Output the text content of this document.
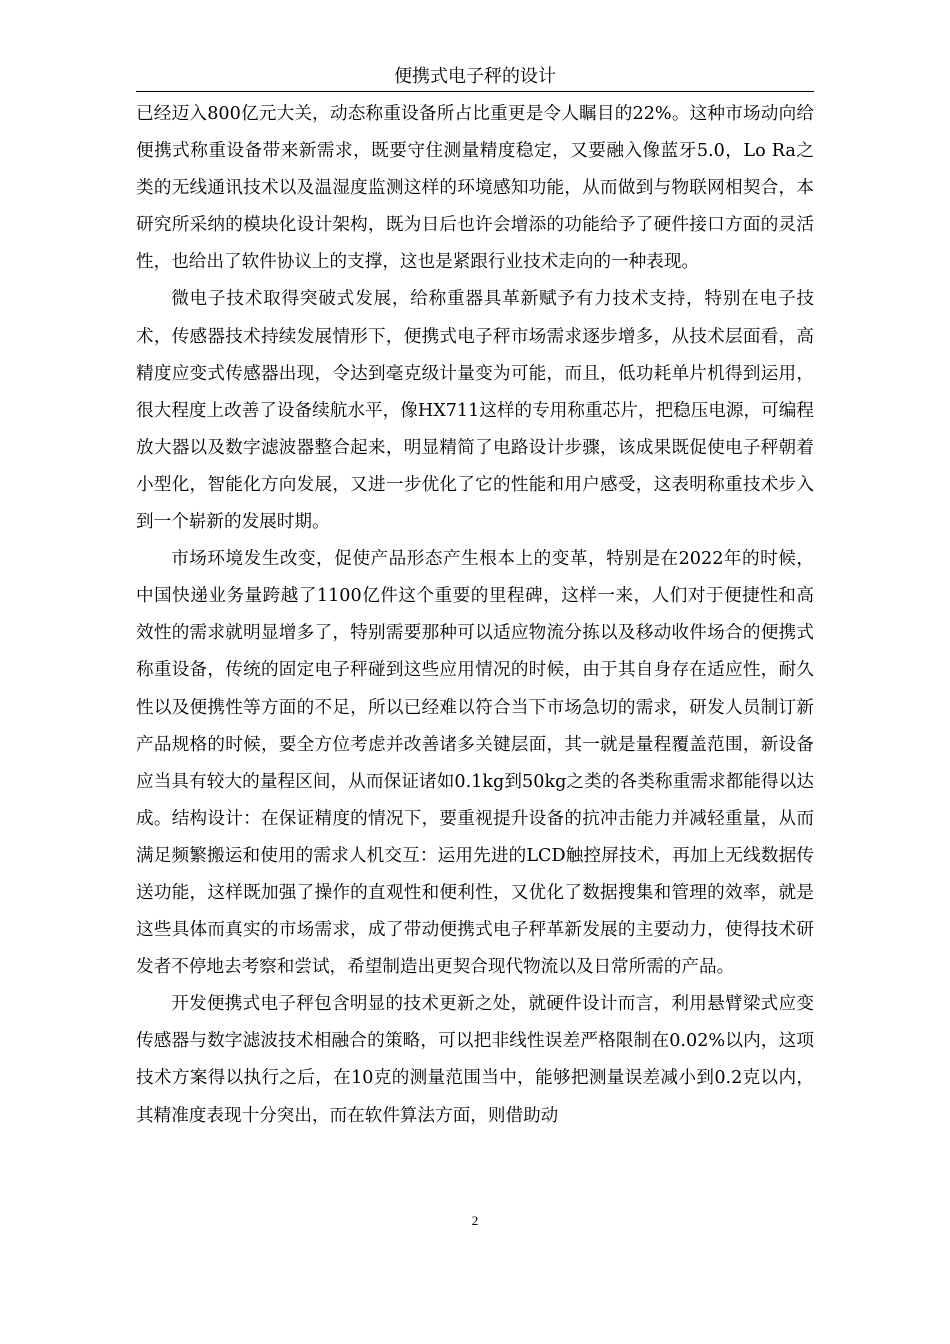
便携式电子秤的设计

已经迈入800亿元大关，动态称重设备所占比重更是令人瞩目的22%。这种市场动向给便携式称重设备带来新需求，既要守住测量精度稳定，又要融入像蓝牙5.0，Lo Ra之类的无线通讯技术以及温湿度监测这样的环境感知功能，从而做到与物联网相契合，本研究所采纳的模块化设计架构，既为日后也许会增添的功能给予了硬件接口方面的灵活性，也给出了软件协议上的支撑，这也是紧跟行业技术走向的一种表现。

微电子技术取得突破式发展，给称重器具革新赋予有力技术支持，特别在电子技术，传感器技术持续发展情形下，便携式电子秤市场需求逐步增多，从技术层面看，高精度应变式传感器出现，令达到毫克级计量变为可能，而且，低功耗单片机得到运用，很大程度上改善了设备续航水平，像HX711这样的专用称重芯片，把稳压电源，可编程放大器以及数字滤波器整合起来，明显精简了电路设计步骤，该成果既促使电子秤朝着小型化，智能化方向发展，又进一步优化了它的性能和用户感受，这表明称重技术步入到一个崭新的发展时期。

市场环境发生改变，促使产品形态产生根本上的变革，特别是在2022年的时候，中国快递业务量跨越了1100亿件这个重要的里程碑，这样一来，人们对于便捷性和高效性的需求就明显增多了，特别需要那种可以适应物流分拣以及移动收件场合的便携式称重设备，传统的固定电子秤碰到这些应用情况的时候，由于其自身存在适应性，耐久性以及便携性等方面的不足，所以已经难以符合当下市场急切的需求，研发人员制订新产品规格的时候，要全方位考虑并改善诸多关键层面，其一就是量程覆盖范围，新设备应当具有较大的量程区间，从而保证诸如0.1kg到50kg之类的各类称重需求都能得以达成。结构设计：在保证精度的情况下，要重视提升设备的抗冲击能力并减轻重量，从而满足频繁搬运和使用的需求人机交互：运用先进的LCD触控屏技术，再加上无线数据传送功能，这样既加强了操作的直观性和便利性，又优化了数据搜集和管理的效率，就是这些具体而真实的市场需求，成了带动便携式电子秤革新发展的主要动力，使得技术研发者不停地去考察和尝试，希望制造出更契合现代物流以及日常所需的产品。

开发便携式电子秤包含明显的技术更新之处，就硬件设计而言，利用悬臂梁式应变传感器与数字滤波技术相融合的策略，可以把非线性误差严格限制在0.02%以内，这项技术方案得以执行之后，在10克的测量范围当中，能够把测量误差减小到0.2克以内，其精准度表现十分突出，而在软件算法方面，则借助动

2
